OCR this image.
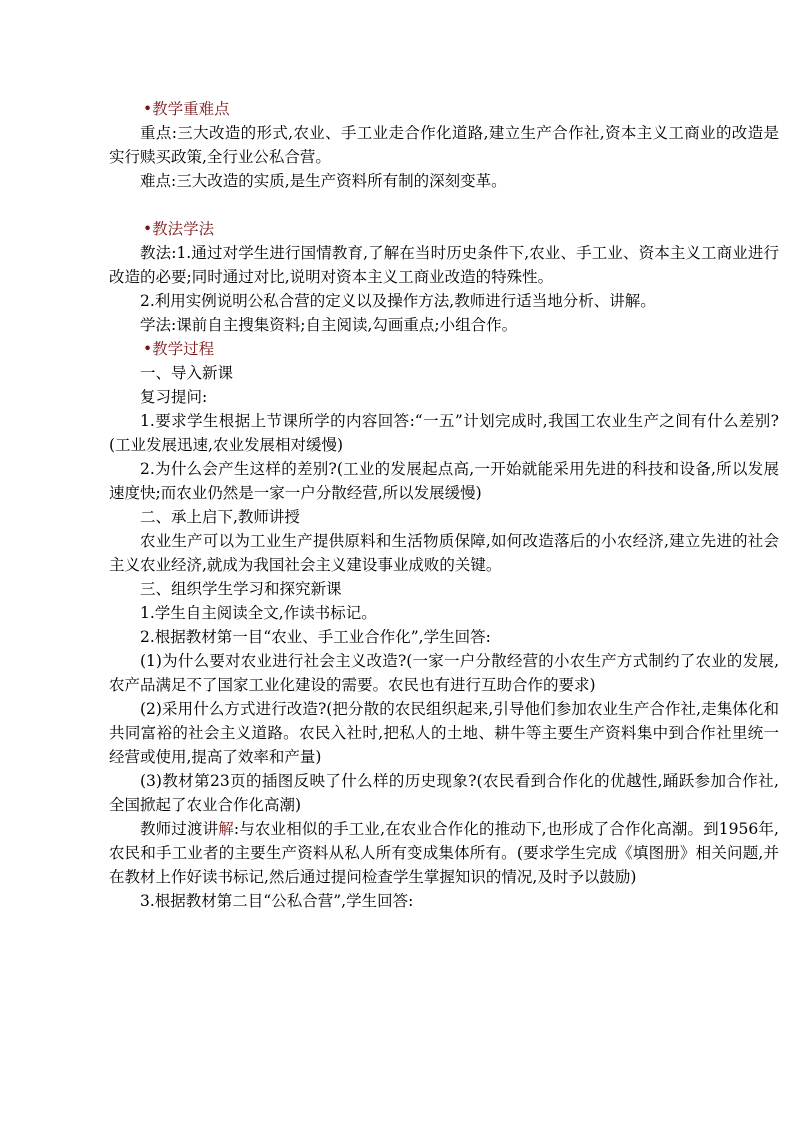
•教学重难点

重点:三大改造的形式,农业、手工业走合作化道路,建立生产合作社,资本主义工商业的改造是实行赎买政策,全行业公私合营。

难点:三大改造的实质,是生产资料所有制的深刻变革。

•教法学法

教法:1.通过对学生进行国情教育,了解在当时历史条件下,农业、手工业、资本主义工商业进行改造的必要;同时通过对比,说明对资本主义工商业改造的特殊性。

2.利用实例说明公私合营的定义以及操作方法,教师进行适当地分析、讲解。

学法:课前自主搜集资料;自主阅读,勾画重点;小组合作。

•教学过程

一、导入新课

复习提问:

1.要求学生根据上节课所学的内容回答:“一五”计划完成时,我国工农业生产之间有什么差别?(工业发展迅速,农业发展相对缓慢)

2.为什么会产生这样的差别?(工业的发展起点高,一开始就能采用先进的科技和设备,所以发展速度快;而农业仍然是一家一户分散经营,所以发展缓慢)

二、承上启下,教师讲授

农业生产可以为工业生产提供原料和生活物质保障,如何改造落后的小农经济,建立先进的社会主义农业经济,就成为我国社会主义建设事业成败的关键。

三、组织学生学习和探究新课

1.学生自主阅读全文,作读书标记。

2.根据教材第一目“农业、手工业合作化”,学生回答:

(1)为什么要对农业进行社会主义改造?(一家一户分散经营的小农生产方式制约了农业的发展,农产品满足不了国家工业化建设的需要。农民也有进行互助合作的要求)

(2)采用什么方式进行改造?(把分散的农民组织起来,引导他们参加农业生产合作社,走集体化和共同富裕的社会主义道路。农民入社时,把私人的土地、耕牛等主要生产资料集中到合作社里统一经营或使用,提高了效率和产量)

(3)教材第23页的插图反映了什么样的历史现象?(农民看到合作化的优越性,踊跃参加合作社,全国掀起了农业合作化高潮)

教师过渡讲解:与农业相似的手工业,在农业合作化的推动下,也形成了合作化高潮。到1956年,农民和手工业者的主要生产资料从私人所有变成集体所有。(要求学生完成《填图册》相关问题,并在教材上作好读书标记,然后通过提问检查学生掌握知识的情况,及时予以鼓励)

3.根据教材第二目“公私合营”,学生回答:
